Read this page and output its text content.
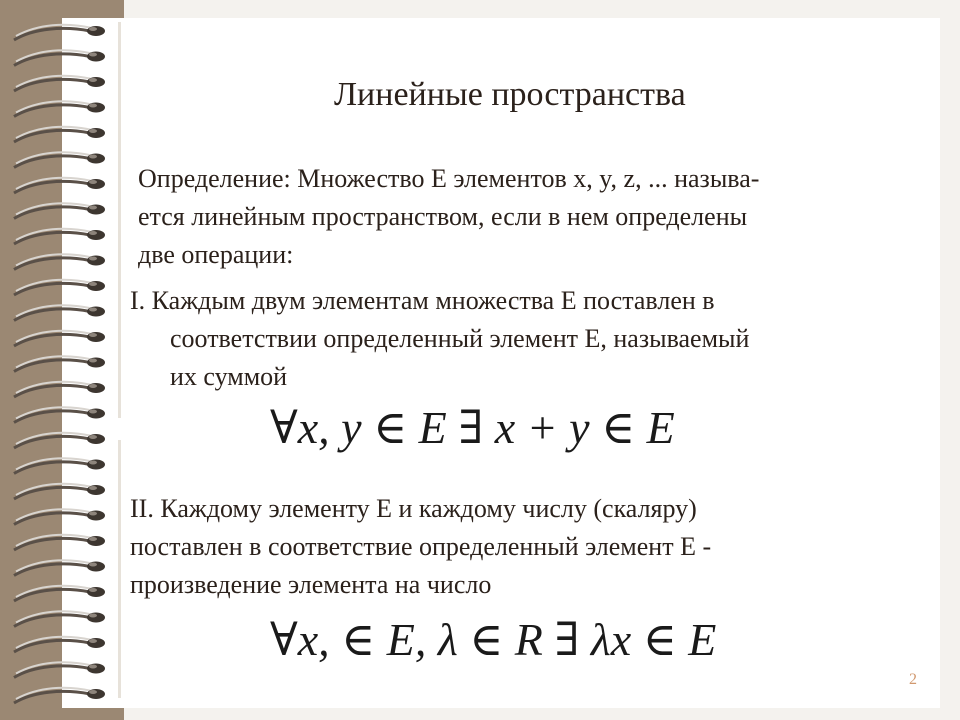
Линейные пространства
Определение: Множество Е элементов x, y, z, ... называ-
ется линейным пространством, если в нем определены
две операции:
I. Каждым двум элементам множества Е поставлен в
соответствии определенный элемент Е, называемый
их суммой
∀x, y ∈ E ∃ x + y ∈ E
II. Каждому элементу Е и каждому числу (скаляру)
поставлен в соответствие определенный элемент Е -
произведение элемента на число
∀x, ∈ E, λ ∈ R ∃ λx ∈ E
2
